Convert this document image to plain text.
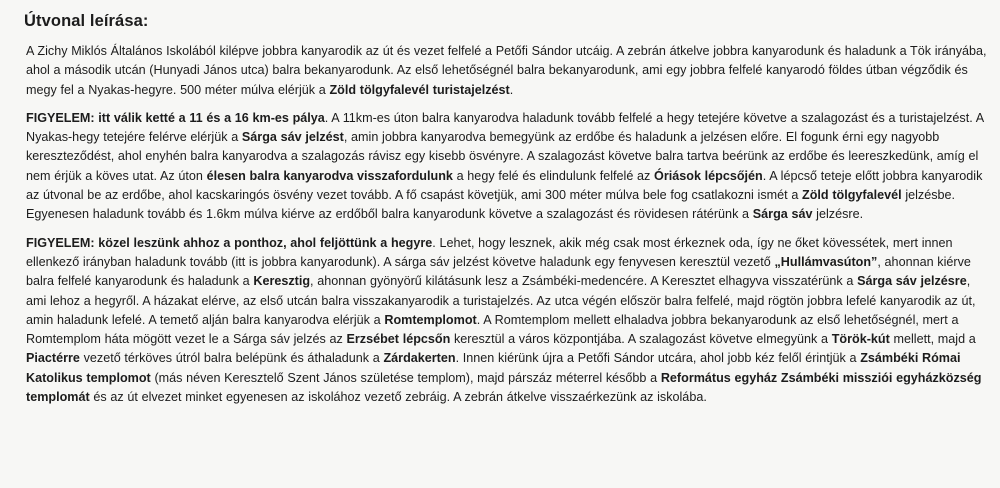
Útvonal leírása:

A Zichy Miklós Általános Iskolából kilépve jobbra kanyarodik az út és vezet felfelé a Petőfi Sándor utcáig. A zebrán átkelve jobbra kanyarodunk és haladunk a Tök irányába, ahol a második utcán (Hunyadi János utca) balra bekanyarodunk. Az első lehetőségnél balra bekanyarodunk, ami egy jobbra felfelé kanyarodó földes útban végződik és megy fel a Nyakas-hegyre. 500 méter múlva elérjük a Zöld tölgyfalevél turistajelzést.

FIGYELEM: itt válik ketté a 11 és a 16 km-es pálya. A 11km-es úton balra kanyarodva haladunk tovább felfelé a hegy tetejére követve a szalagozást és a turistajelzést. A Nyakas-hegy tetejére felérve elérjük a Sárga sáv jelzést, amin jobbra kanyarodva bemegyünk az erdőbe és haladunk a jelzésen előre. El fogunk érni egy nagyobb kereszteződést, ahol enyhén balra kanyarodva a szalagozás rávisz egy kisebb ösvényre. A szalagozást követve balra tartva beérünk az erdőbe és leereszkedünk, amíg el nem érjük a köves utat. Az úton élesen balra kanyarodva visszafordulunk a hegy felé és elindulunk felfelé az Óriások lépcsőjén. A lépcső teteje előtt jobbra kanyarodik az útvonal be az erdőbe, ahol kacskaringós ösvény vezet tovább. A fő csapást követjük, ami 300 méter múlva bele fog csatlakozni ismét a Zöld tölgyfalevél jelzésbe. Egyenesen haladunk tovább és 1.6km múlva kiérve az erdőből balra kanyarodunk követve a szalagozást és rövidesen rátérünk a Sárga sáv jelzésre.

FIGYELEM: közel leszünk ahhoz a ponthoz, ahol feljöttünk a hegyre. Lehet, hogy lesznek, akik még csak most érkeznek oda, így ne őket kövessétek, mert innen ellenkező irányban haladunk tovább (itt is jobbra kanyarodunk). A sárga sáv jelzést követve haladunk egy fenyvesen keresztül vezető „Hullámvasúton”, ahonnan kiérve balra felfelé kanyarodunk és haladunk a Keresztig, ahonnan gyönyörű kilátásunk lesz a Zsámbéki-medencére. A Keresztet elhagyva visszatérünk a Sárga sáv jelzésre, ami lehoz a hegyről. A házakat elérve, az első utcán balra visszakanyarodik a turistajelzés. Az utca végén először balra felfelé, majd rögtön jobbra lefelé kanyarodik az út, amin haladunk lefelé. A temető alján balra kanyarodva elérjük a Romtemplomot. A Romtemplom mellett elhaladva jobbra bekanyarodunk az első lehetőségnél, mert a Romtemplom háta mögött vezet le a Sárga sáv jelzés az Erzsébet lépcsőn keresztül a város központjába. A szalagozást követve elmegyünk a Török-kút mellett, majd a Piactérre vezető térköves útról balra belépünk és áthaladunk a Zárdakerten. Innen kiérünk újra a Petőfi Sándor utcára, ahol jobb kéz felől érintjük a Zsámbéki Római Katolikus templomot (más néven Keresztelő Szent János születése templom), majd párszáz méterrel később a Református egyház Zsámbéki missziói egyházközség templomát és az út elvezet minket egyenesen az iskolához vezető zebráig. A zebrán átkelve visszaérkezünk az iskolába.
